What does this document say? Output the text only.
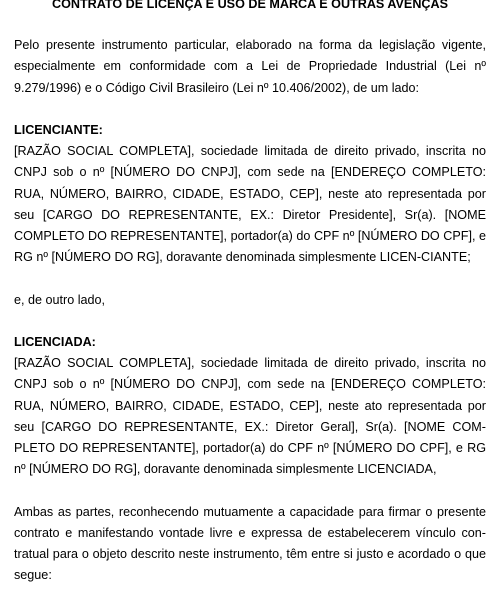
CONTRATO DE LICENÇA E USO DE MARCA E OUTRAS AVENÇAS

Pelo presente instrumento particular, elaborado na forma da legislação vigente, especialmente em conformidade com a Lei de Propriedade Industrial (Lei nº 9.279/1996) e o Código Civil Brasileiro (Lei nº 10.406/2002), de um lado:

LICENCIANTE:

[RAZÃO SOCIAL COMPLETA], sociedade limitada de direito privado, inscrita no CNPJ sob o nº [NÚMERO DO CNPJ], com sede na [ENDEREÇO COMPLETO: RUA, NÚMERO, BAIRRO, CIDADE, ESTADO, CEP], neste ato representada por seu [CARGO DO REPRESENTANTE, EX.: Diretor Presidente], Sr(a). [NOME COMPLETO DO REPRESENTANTE], portador(a) do CPF nº [NÚMERO DO CPF], e RG nº [NÚMERO DO RG], doravante denominada simplesmente LICEN-CIANTE;

e, de outro lado,

LICENCIADA:

[RAZÃO SOCIAL COMPLETA], sociedade limitada de direito privado, inscrita no CNPJ sob o nº [NÚMERO DO CNPJ], com sede na [ENDEREÇO COMPLETO: RUA, NÚMERO, BAIRRO, CIDADE, ESTADO, CEP], neste ato representada por seu [CARGO DO REPRESENTANTE, EX.: Diretor Geral], Sr(a). [NOME COM-PLETO DO REPRESENTANTE], portador(a) do CPF nº [NÚMERO DO CPF], e RG nº [NÚMERO DO RG], doravante denominada simplesmente LICENCIADA,

Ambas as partes, reconhecendo mutuamente a capacidade para firmar o presente contrato e manifestando vontade livre e expressa de estabelecerem vínculo con-tratual para o objeto descrito neste instrumento, têm entre si justo e acordado o que segue:
